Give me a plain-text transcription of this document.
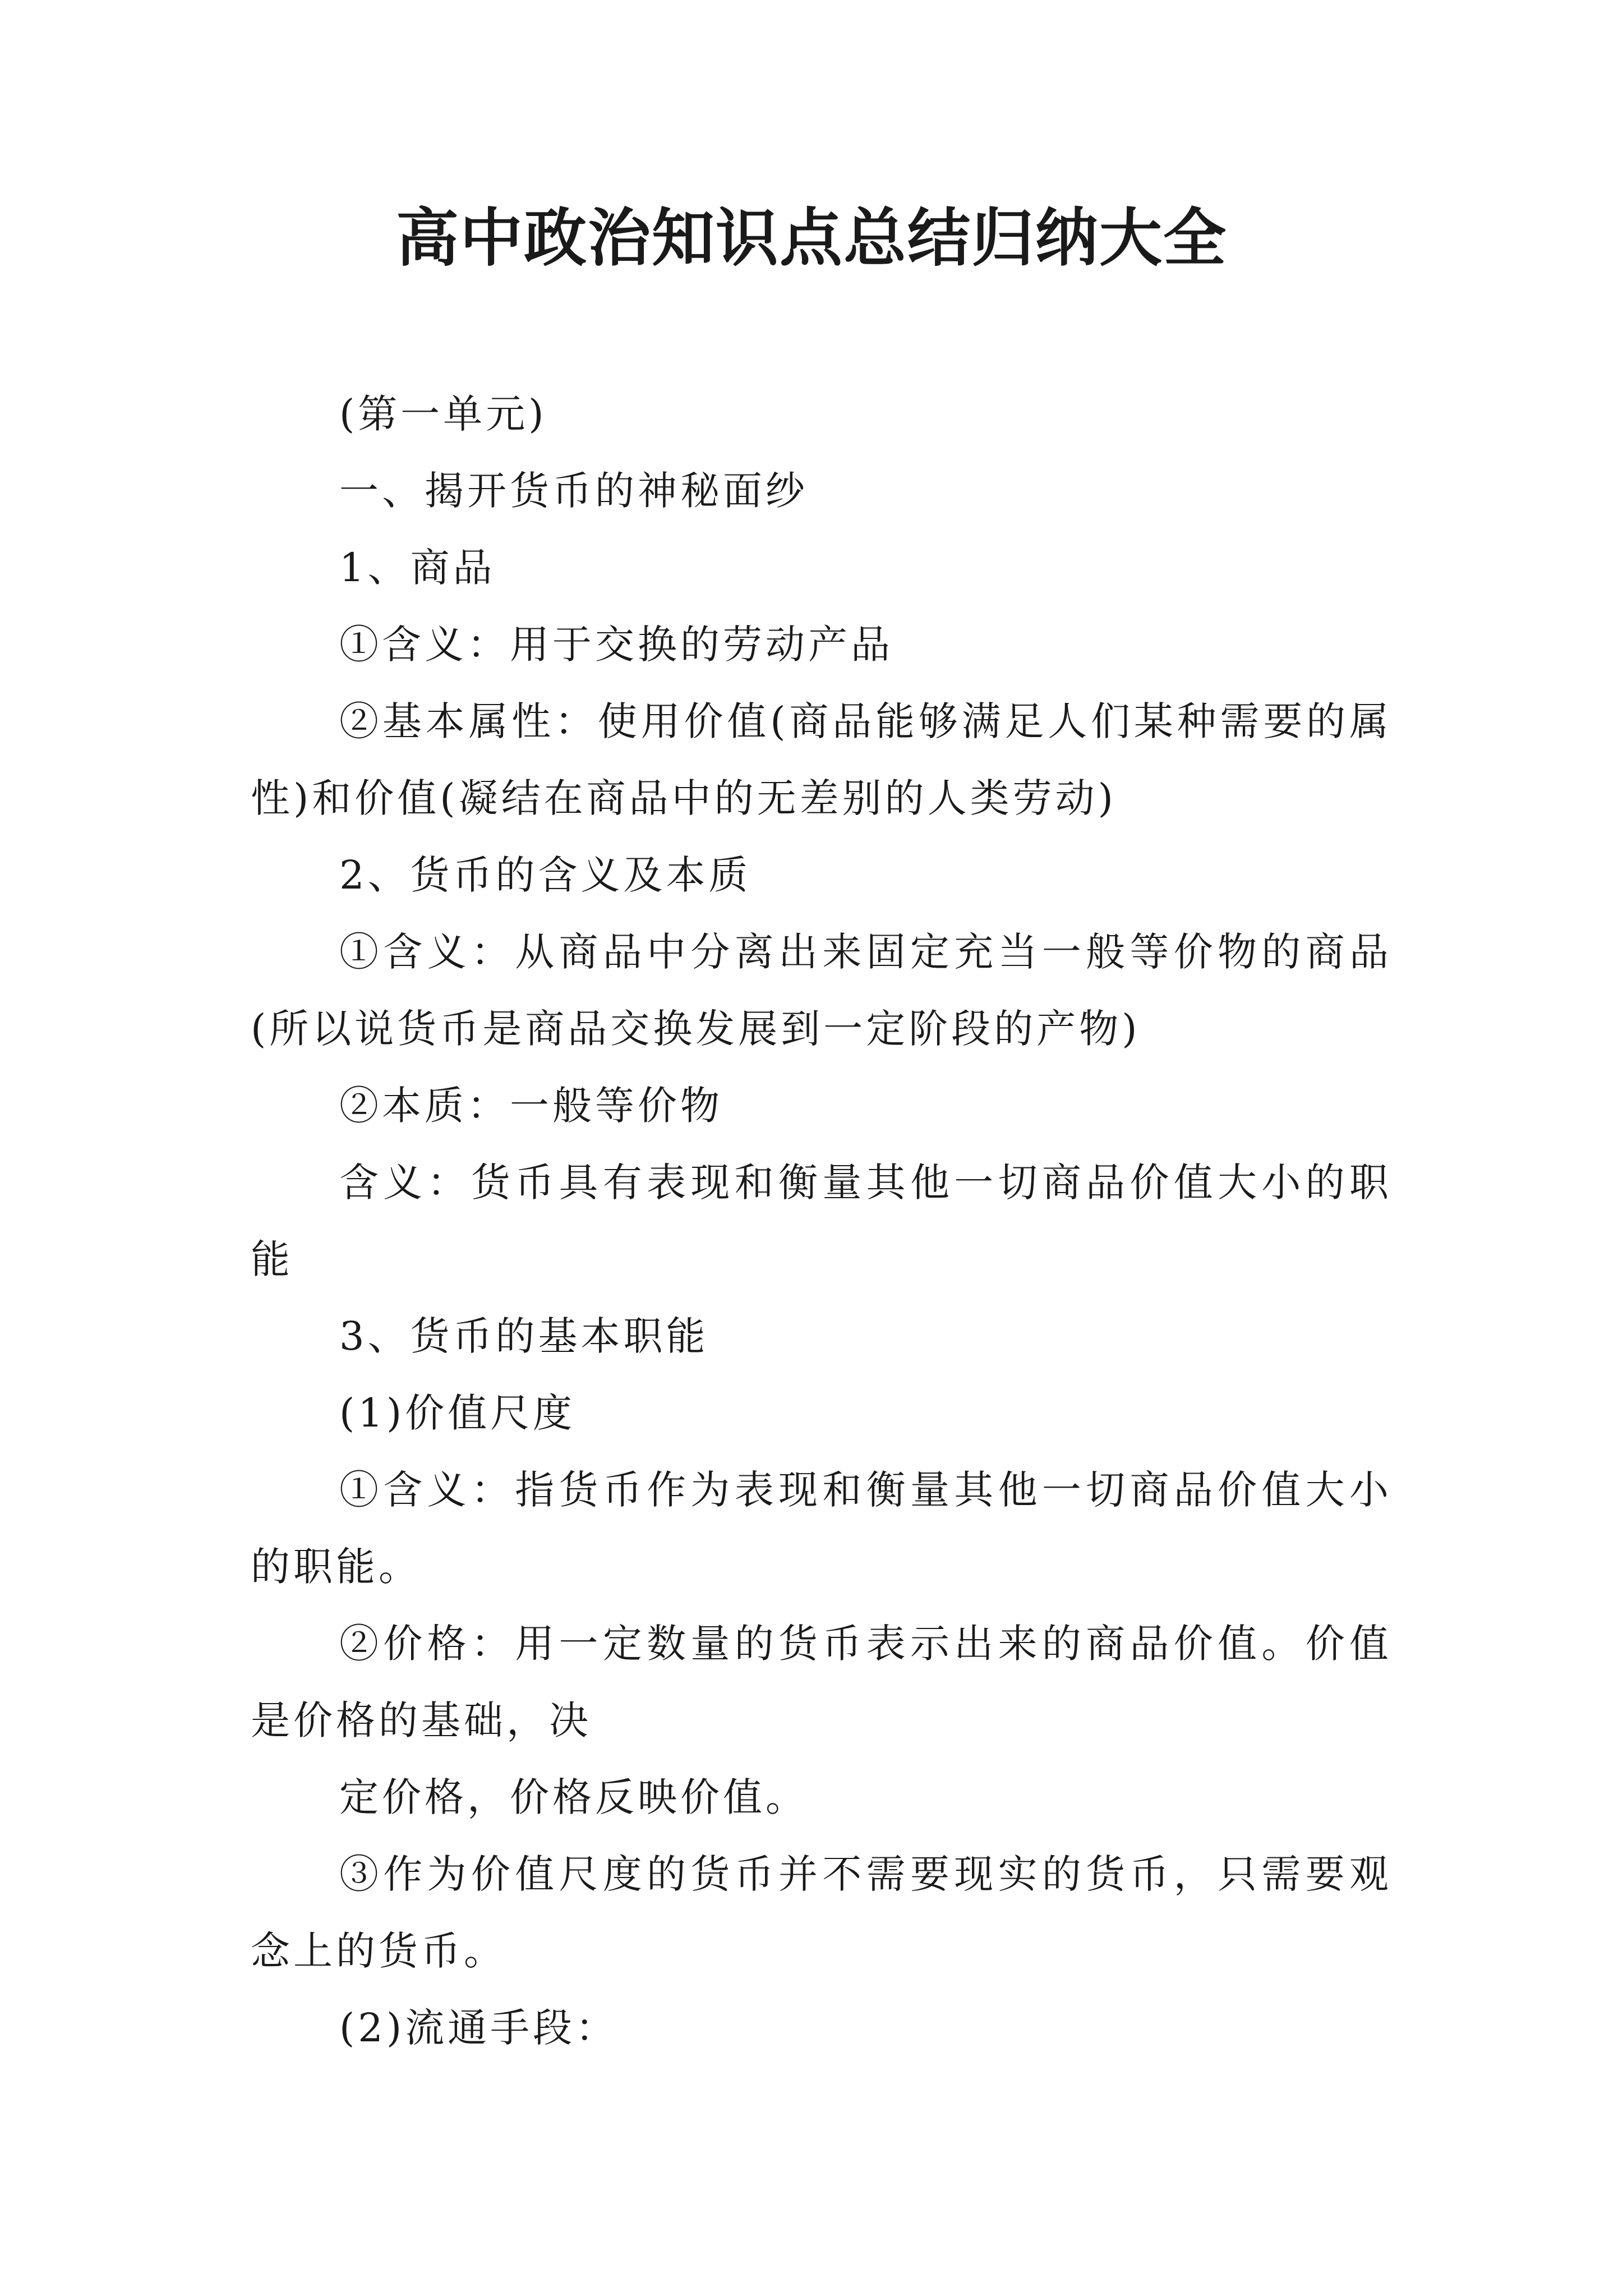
高中政治知识点总结归纳大全

(第一单元)

一、揭开货币的神秘面纱

1、商品

①含义：用于交换的劳动产品

②基本属性：使用价值(商品能够满足人们某种需要的属性)和价值(凝结在商品中的无差别的人类劳动)

2、货币的含义及本质

①含义：从商品中分离出来固定充当一般等价物的商品(所以说货币是商品交换发展到一定阶段的产物)

②本质：一般等价物

含义：货币具有表现和衡量其他一切商品价值大小的职能

3、货币的基本职能

(1)价值尺度

①含义：指货币作为表现和衡量其他一切商品价值大小的职能。

②价格：用一定数量的货币表示出来的商品价值。价值是价格的基础，决

定价格，价格反映价值。

③作为价值尺度的货币并不需要现实的货币，只需要观念上的货币。

(2)流通手段：
